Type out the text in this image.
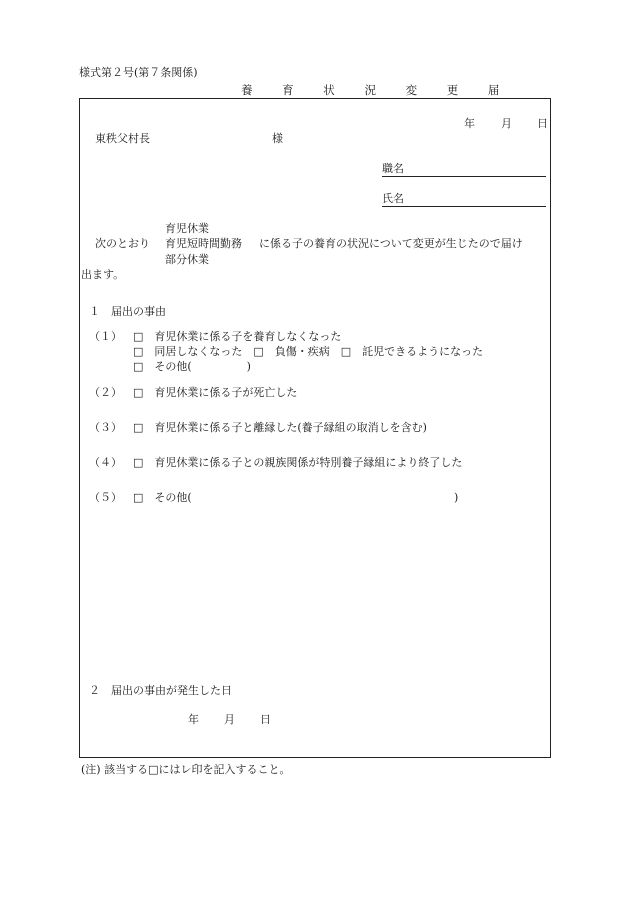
様式第２号(第７条関係)
養 育 状 況 変 更 届
年 月 日
東秩父村長	様
職名
氏名
育児休業
次のとおり 育児短時間勤務 に係る子の養育の状況について変更が生じたので届け
部分休業
出ます。
１　届出の事由
（１） □　育児休業に係る子を養育しなくなった
□　同居しなくなった　□　負傷・疾病　□　託児できるようになった
□　その他(　　　　　)
（２） □　育児休業に係る子が死亡した
（３） □　育児休業に係る子と離縁した(養子縁組の取消しを含む)
（４） □　育児休業に係る子との親族関係が特別養子縁組により終了した
（５） □　その他(	)
２　届出の事由が発生した日
年 月 日
(注) 該当する□にはレ印を記入すること。
